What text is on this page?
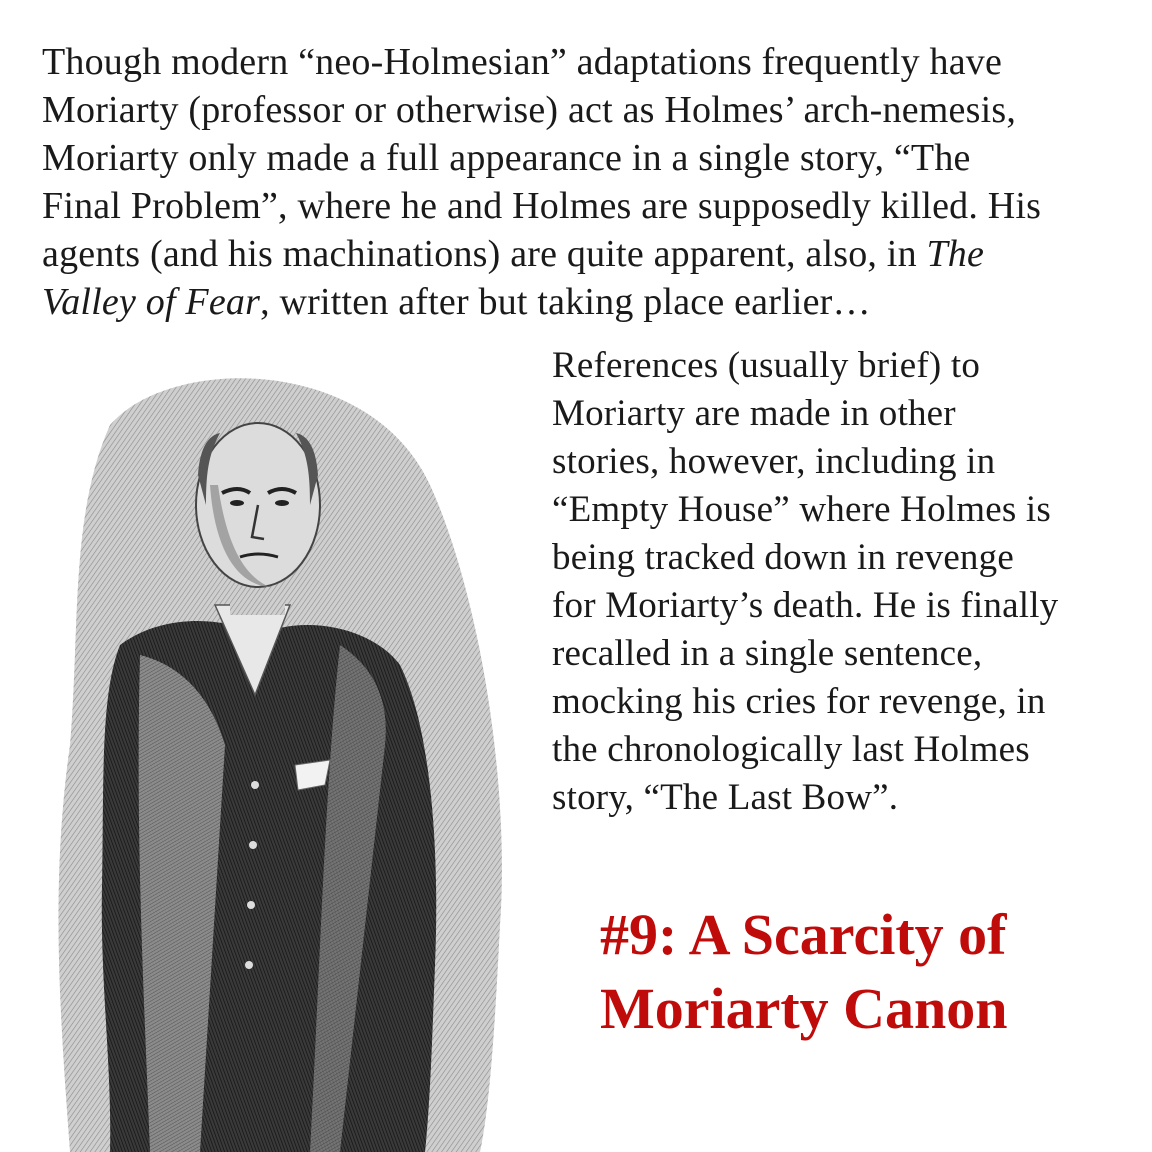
Though modern “neo-Holmesian” adaptations frequently have
Moriarty (professor or otherwise) act as Holmes’ arch-nemesis,
Moriarty only made a full appearance in a single story, “The
Final Problem”, where he and Holmes are supposedly killed. His
agents (and his machinations) are quite apparent, also, in The
Valley of Fear, written after but taking place earlier…

References (usually brief) to
Moriarty are made in other
stories, however, including in
“Empty House” where Holmes is
being tracked down in revenge
for Moriarty’s death. He is finally
recalled in a single sentence,
mocking his cries for revenge, in
the chronologically last Holmes
story, “The Last Bow”.
#9: A Scarcity of
Moriarty Canon
